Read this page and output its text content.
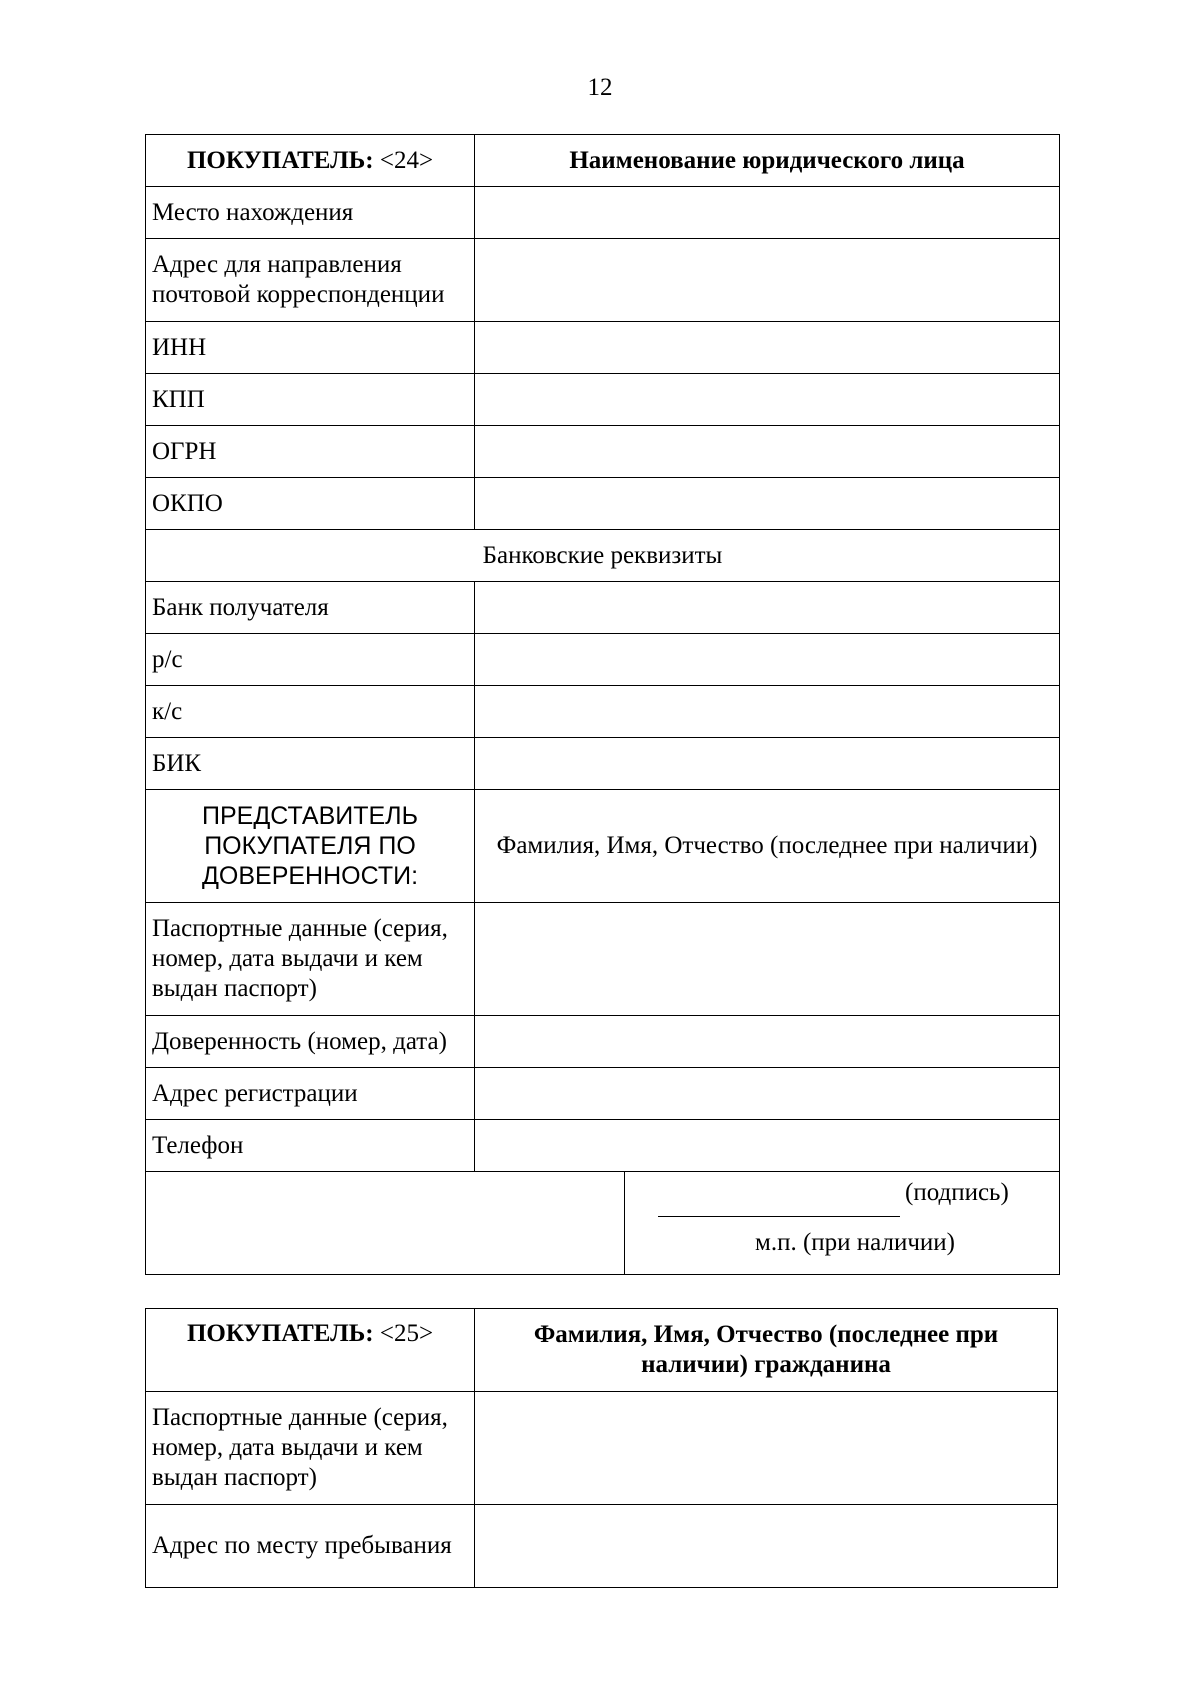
12
ПОКУПАТЕЛЬ: <24>	Наименование юридического лица	
Место нахождения		
Адрес для направления почтовой корреспонденции		
ИНН		
КПП		
ОГРН		
ОКПО		
Банковские реквизиты		
Банк получателя		
р/с		
к/с		
БИК		
ПРЕДСТАВИТЕЛЬ ПОКУПАТЕЛЯ ПО ДОВЕРЕННОСТИ:	Фамилия, Имя, Отчество (последнее при наличии)	
Паспортные данные (серия, номер, дата выдачи и кем выдан паспорт)		
Доверенность (номер, дата)		
Адрес регистрации		
Телефон		

		(подпись)
м.п. (при наличии)
ПОКУПАТЕЛЬ: <25>	Фамилия, Имя, Отчество (последнее при наличии) гражданина
Паспортные данные (серия, номер, дата выдачи и кем выдан паспорт)	
Адрес по месту пребывания	
